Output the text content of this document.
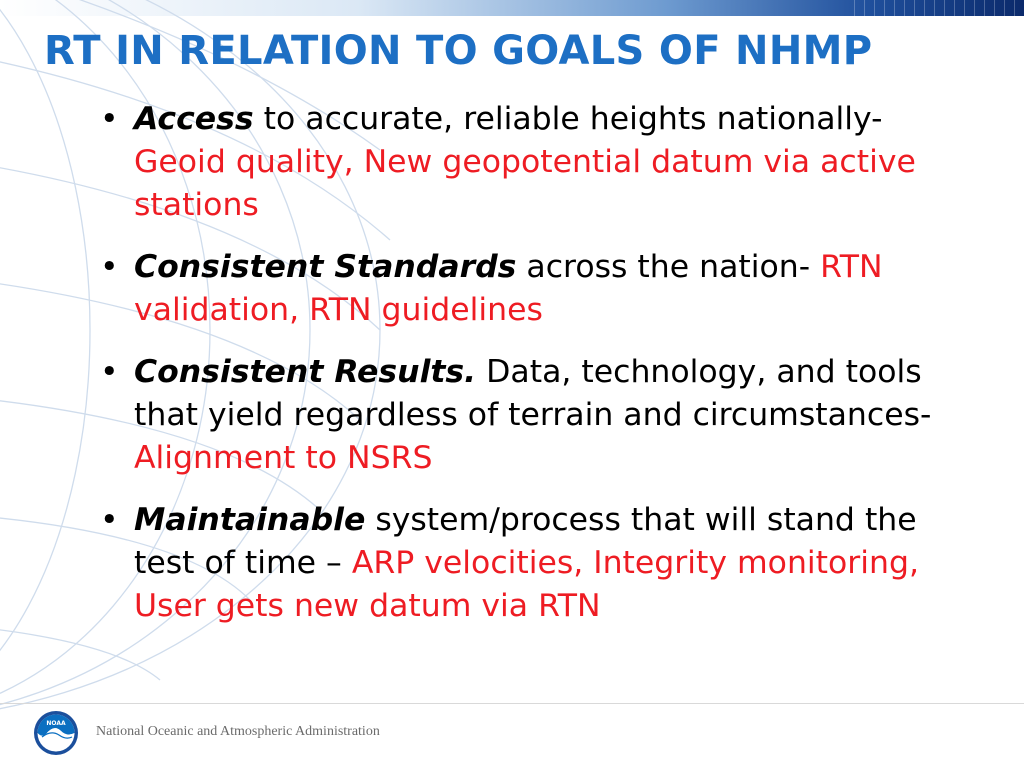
RT IN RELATION TO GOALS OF NHMP
• Access to accurate, reliable heights nationally- Geoid quality, New geopotential datum via active stations
• Consistent Standards across the nation- RTN validation, RTN guidelines
• Consistent Results. Data, technology, and tools that yield regardless of terrain and circumstances- Alignment to NSRS
• Maintainable system/process that will stand the test of time – ARP velocities, Integrity monitoring, User gets new datum via RTN
NOAA
National Oceanic and Atmospheric Administration
